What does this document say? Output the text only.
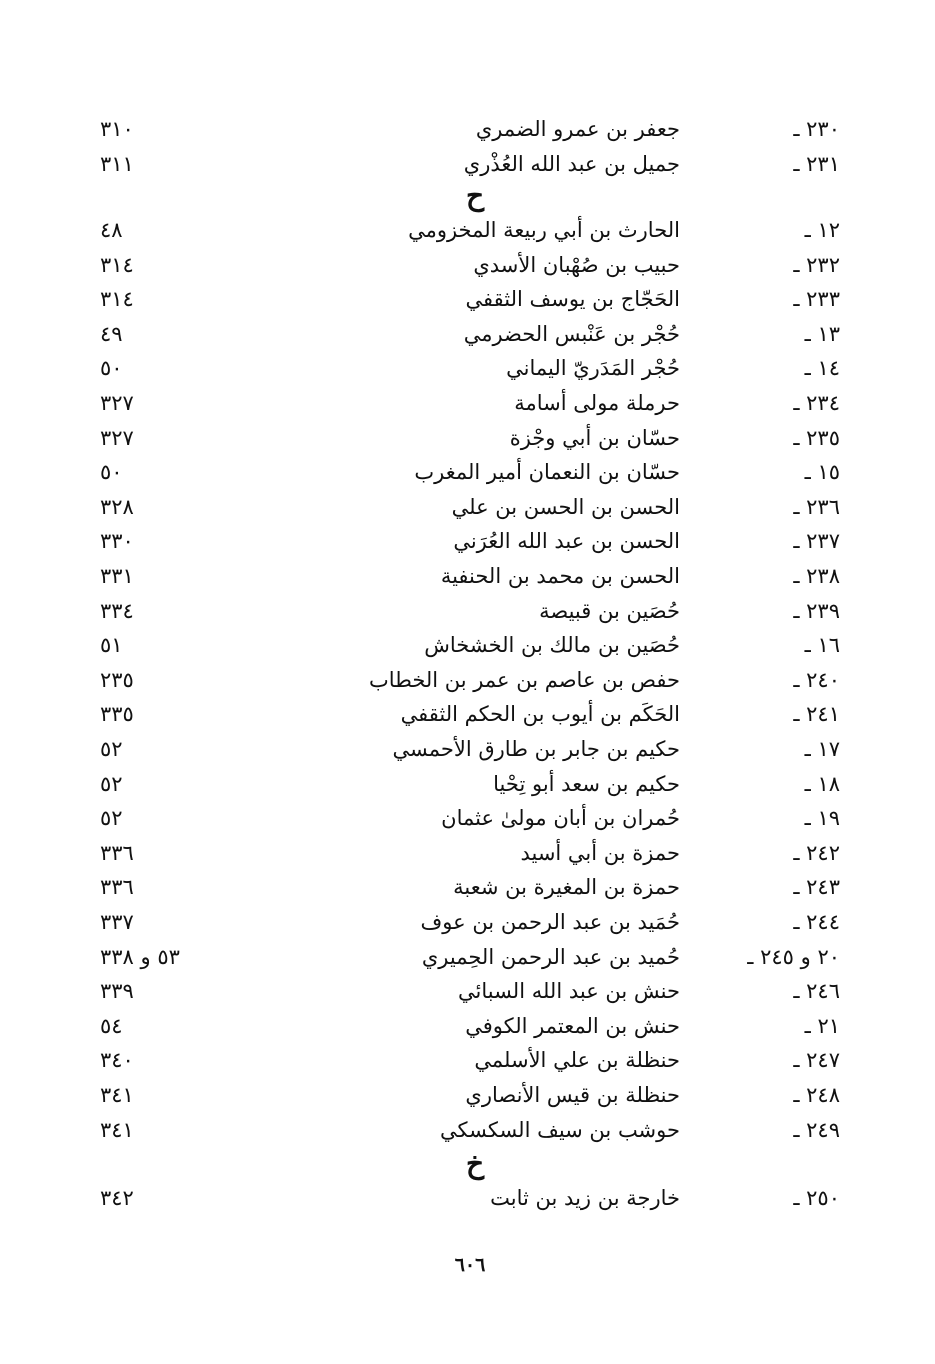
٢٣٠ ـ
جعفر بن عمرو الضمري
٣١٠
٢٣١ ـ
جميل بن عبد الله العُذْري
٣١١
ح
١٢ ـ
الحارث بن أبي ربيعة المخزومي
٤٨
٢٣٢ ـ
حبيب بن صُهْبان الأسدي
٣١٤
٢٣٣ ـ
الحَجّاج بن يوسف الثقفي
٣١٤
١٣ ـ
حُجْر بن عَنْبس الحضرمي
٤٩
١٤ ـ
حُجْر المَدَريّ اليماني
٥٠
٢٣٤ ـ
حرملة مولى أسامة
٣٢٧
٢٣٥ ـ
حسّان بن أبي وجْزة
٣٢٧
١٥ ـ
حسّان بن النعمان أمير المغرب
٥٠
٢٣٦ ـ
الحسن بن الحسن بن علي
٣٢٨
٢٣٧ ـ
الحسن بن عبد الله العُرَني
٣٣٠
٢٣٨ ـ
الحسن بن محمد بن الحنفية
٣٣١
٢٣٩ ـ
حُصَين بن قبيصة
٣٣٤
١٦ ـ
حُصَين بن مالك بن الخشخاش
٥١
٢٤٠ ـ
حفص بن عاصم بن عمر بن الخطاب
٢٣٥
٢٤١ ـ
الحَكَم بن أيوب بن الحكم الثقفي
٣٣٥
١٧ ـ
حكيم بن جابر بن طارق الأحمسي
٥٢
١٨ ـ
حكيم بن سعد أبو تِحْيا
٥٢
١٩ ـ
حُمران بن أبان مولىٰ عثمان
٥٢
٢٤٢ ـ
حمزة بن أبي أسيد
٣٣٦
٢٤٣ ـ
حمزة بن المغيرة بن شعبة
٣٣٦
٢٤٤ ـ
حُمَيد بن عبد الرحمن بن عوف
٣٣٧
٢٠ و ٢٤٥ ـ
حُميد بن عبد الرحمن الحِميري
٥٣ و ٣٣٨
٢٤٦ ـ
حنش بن عبد الله السبائي
٣٣٩
٢١ ـ
حنش بن المعتمر الكوفي
٥٤
٢٤٧ ـ
حنظلة بن علي الأسلمي
٣٤٠
٢٤٨ ـ
حنظلة بن قيس الأنصاري
٣٤١
٢٤٩ ـ
حوشب بن سيف السكسكي
٣٤١
خ
٢٥٠ ـ
خارجة بن زيد بن ثابت
٣٤٢
٦٠٦
